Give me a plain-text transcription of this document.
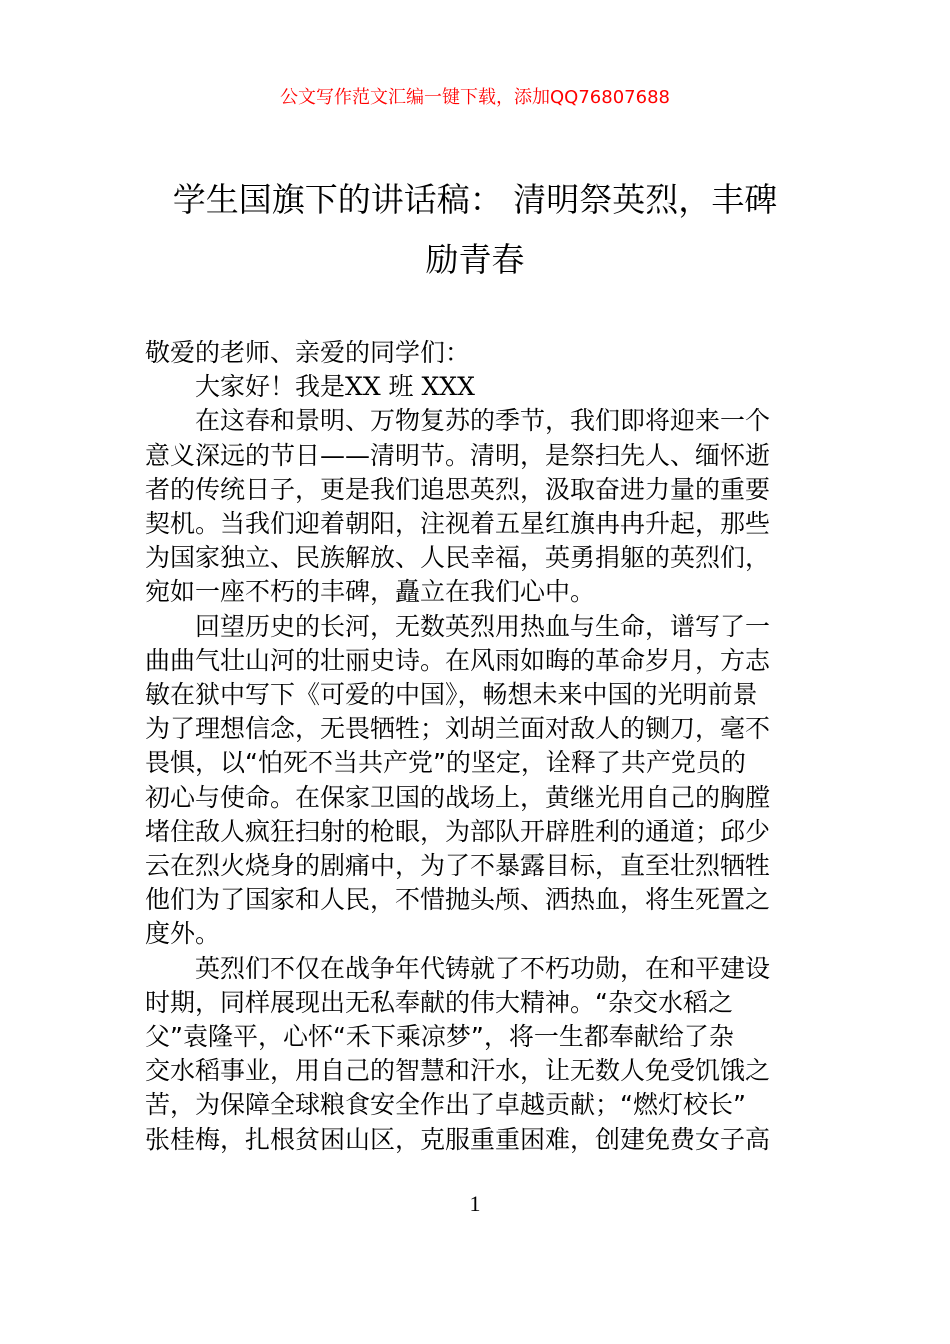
公文写作范文汇编一键下载，添加QQ76807688
学生国旗下的讲话稿： 清明祭英烈，丰碑
励青春

敬爱的老师、亲爱的同学们：

大家好！我是XX 班 XXX

在这春和景明、万物复苏的季节，我们即将迎来一个

意义深远的节日——清明节。清明，是祭扫先人、缅怀逝

者的传统日子，更是我们追思英烈，汲取奋进力量的重要

契机。当我们迎着朝阳，注视着五星红旗冉冉升起，那些

为国家独立、民族解放、人民幸福，英勇捐躯的英烈们，

宛如一座不朽的丰碑，矗立在我们心中。

回望历史的长河，无数英烈用热血与生命，谱写了一

曲曲气壮山河的壮丽史诗。在风雨如晦的革命岁月，方志

敏在狱中写下《可爱的中国》，畅想未来中国的光明前景

为了理想信念，无畏牺牲；刘胡兰面对敌人的铡刀，毫不

畏惧，以“怕死不当共产党”的坚定，诠释了共产党员的

初心与使命。在保家卫国的战场上，黄继光用自己的胸膛

堵住敌人疯狂扫射的枪眼，为部队开辟胜利的通道；邱少

云在烈火烧身的剧痛中，为了不暴露目标，直至壮烈牺牲

他们为了国家和人民，不惜抛头颅、洒热血，将生死置之

度外。

英烈们不仅在战争年代铸就了不朽功勋，在和平建设

时期，同样展现出无私奉献的伟大精神。“杂交水稻之

父”袁隆平，心怀“禾下乘凉梦”，将一生都奉献给了杂

交水稻事业，用自己的智慧和汗水，让无数人免受饥饿之

苦，为保障全球粮食安全作出了卓越贡献；“燃灯校长”

张桂梅，扎根贫困山区，克服重重困难，创建免费女子高

1
